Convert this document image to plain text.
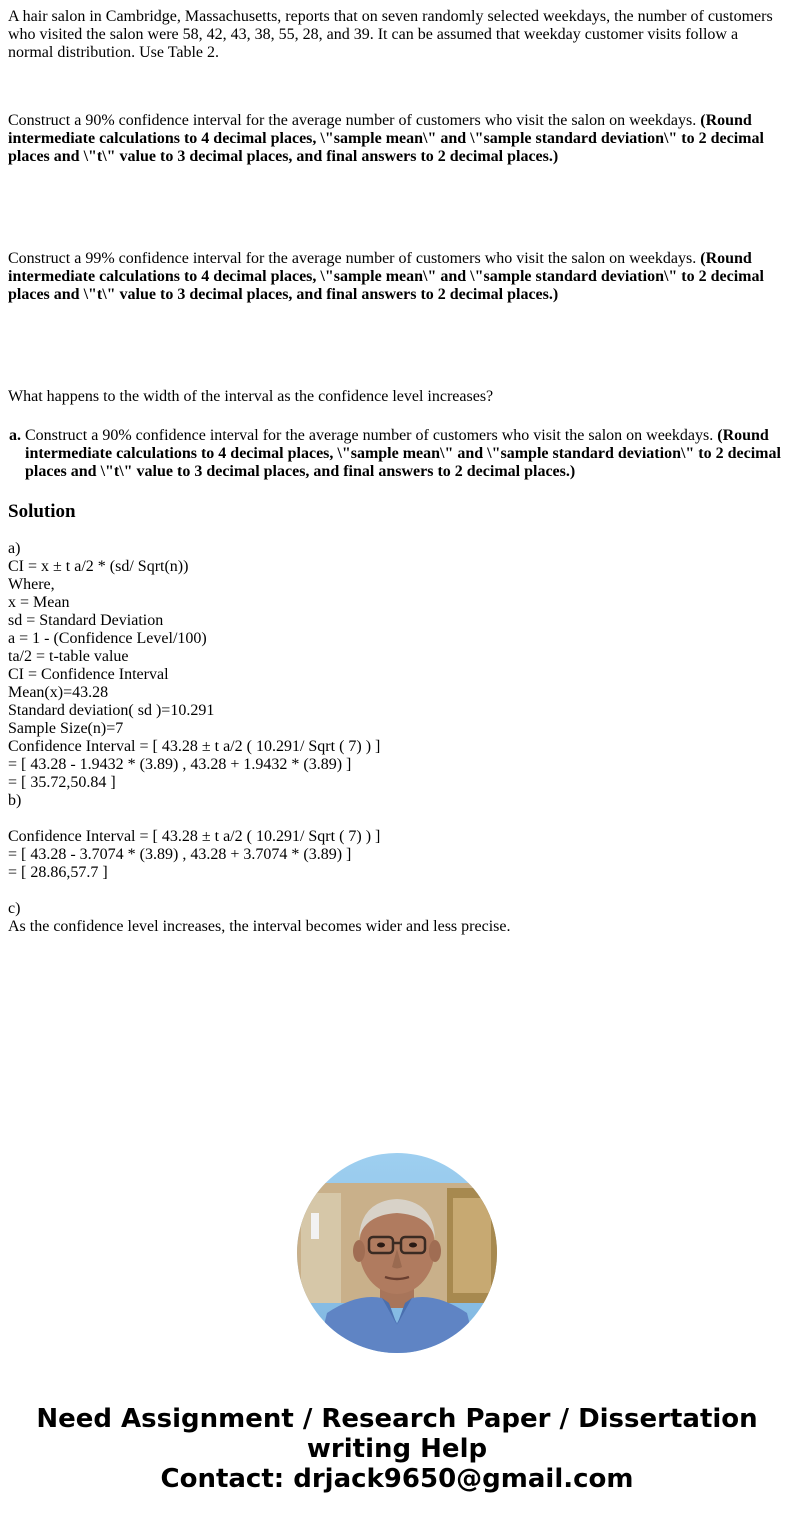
A hair salon in Cambridge, Massachusetts, reports that on seven randomly selected weekdays, the number of customers who visited the salon were 58, 42, 43, 38, 55, 28, and 39. It can be assumed that weekday customer visits follow a normal distribution. Use Table 2.

Construct a 90% confidence interval for the average number of customers who visit the salon on weekdays. (Round intermediate calculations to 4 decimal places, \"sample mean\" and \"sample standard deviation\" to 2 decimal places and \"t\" value to 3 decimal places, and final answers to 2 decimal places.)

Construct a 99% confidence interval for the average number of customers who visit the salon on weekdays. (Round intermediate calculations to 4 decimal places, \"sample mean\" and \"sample standard deviation\" to 2 decimal places and \"t\" value to 3 decimal places, and final answers to 2 decimal places.)

What happens to the width of the interval as the confidence level increases?

a.	Construct a 90% confidence interval for the average number of customers who visit the salon on weekdays. (Round intermediate calculations to 4 decimal places, \"sample mean\" and \"sample standard deviation\" to 2 decimal places and \"t\" value to 3 decimal places, and final answers to 2 decimal places.)
Solution
a)
CI = x ± t a/2 * (sd/ Sqrt(n))
Where,
x = Mean
sd = Standard Deviation
a = 1 - (Confidence Level/100)
ta/2 = t-table value
CI = Confidence Interval
Mean(x)=43.28
Standard deviation( sd )=10.291
Sample Size(n)=7
Confidence Interval = [ 43.28 ± t a/2 ( 10.291/ Sqrt ( 7) ) ]
= [ 43.28 - 1.9432 * (3.89) , 43.28 + 1.9432 * (3.89) ]
= [ 35.72,50.84 ]
b)
Confidence Interval = [ 43.28 ± t a/2 ( 10.291/ Sqrt ( 7) ) ]
= [ 43.28 - 3.7074 * (3.89) , 43.28 + 3.7074 * (3.89) ]
= [ 28.86,57.7 ]
c)
As the confidence level increases, the interval becomes wider and less precise.
Need Assignment / Research Paper / Dissertation
writing Help
Contact: drjack9650@gmail.com
